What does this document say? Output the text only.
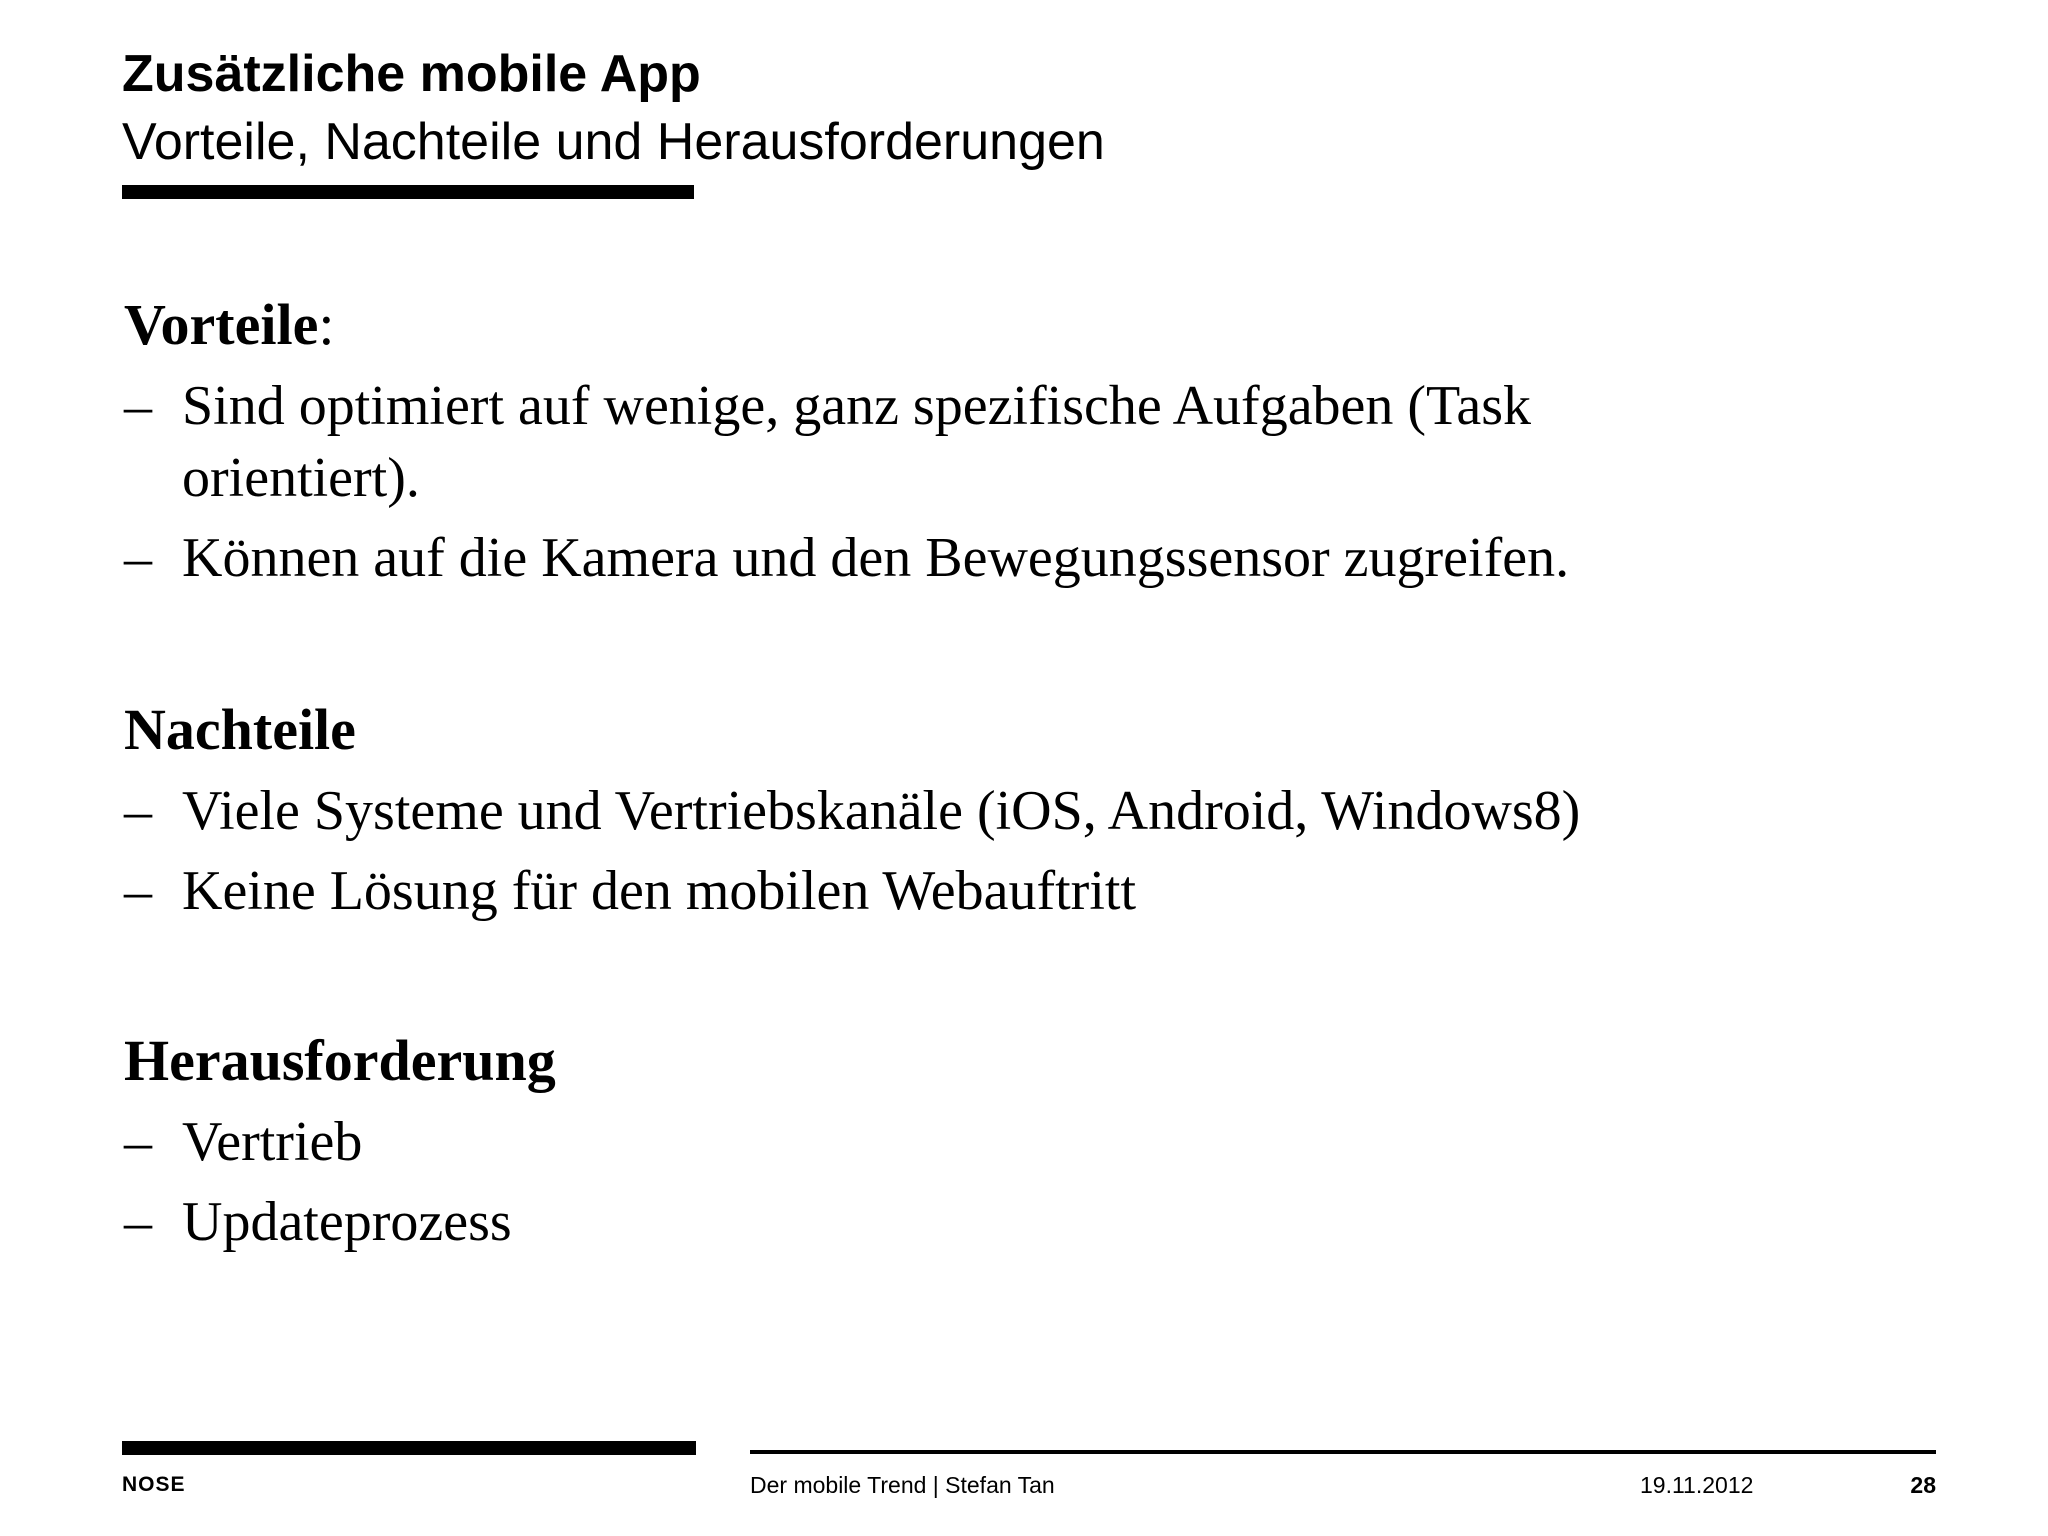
Zusätzliche mobile App
Vorteile, Nachteile und Herausforderungen

Vorteile:

– Sind optimiert auf wenige, ganz spezifische Aufgaben (Task orientiert).

– Können auf die Kamera und den Bewegungssensor zugreifen.

Nachteile

– Viele Systeme und Vertriebskanäle (iOS, Android, Windows8)

– Keine Lösung für den mobilen Webauftritt

Herausforderung

– Vertrieb

– Updateprozess

NOSE	Der mobile Trend | Stefan Tan	19.11.2012	28
